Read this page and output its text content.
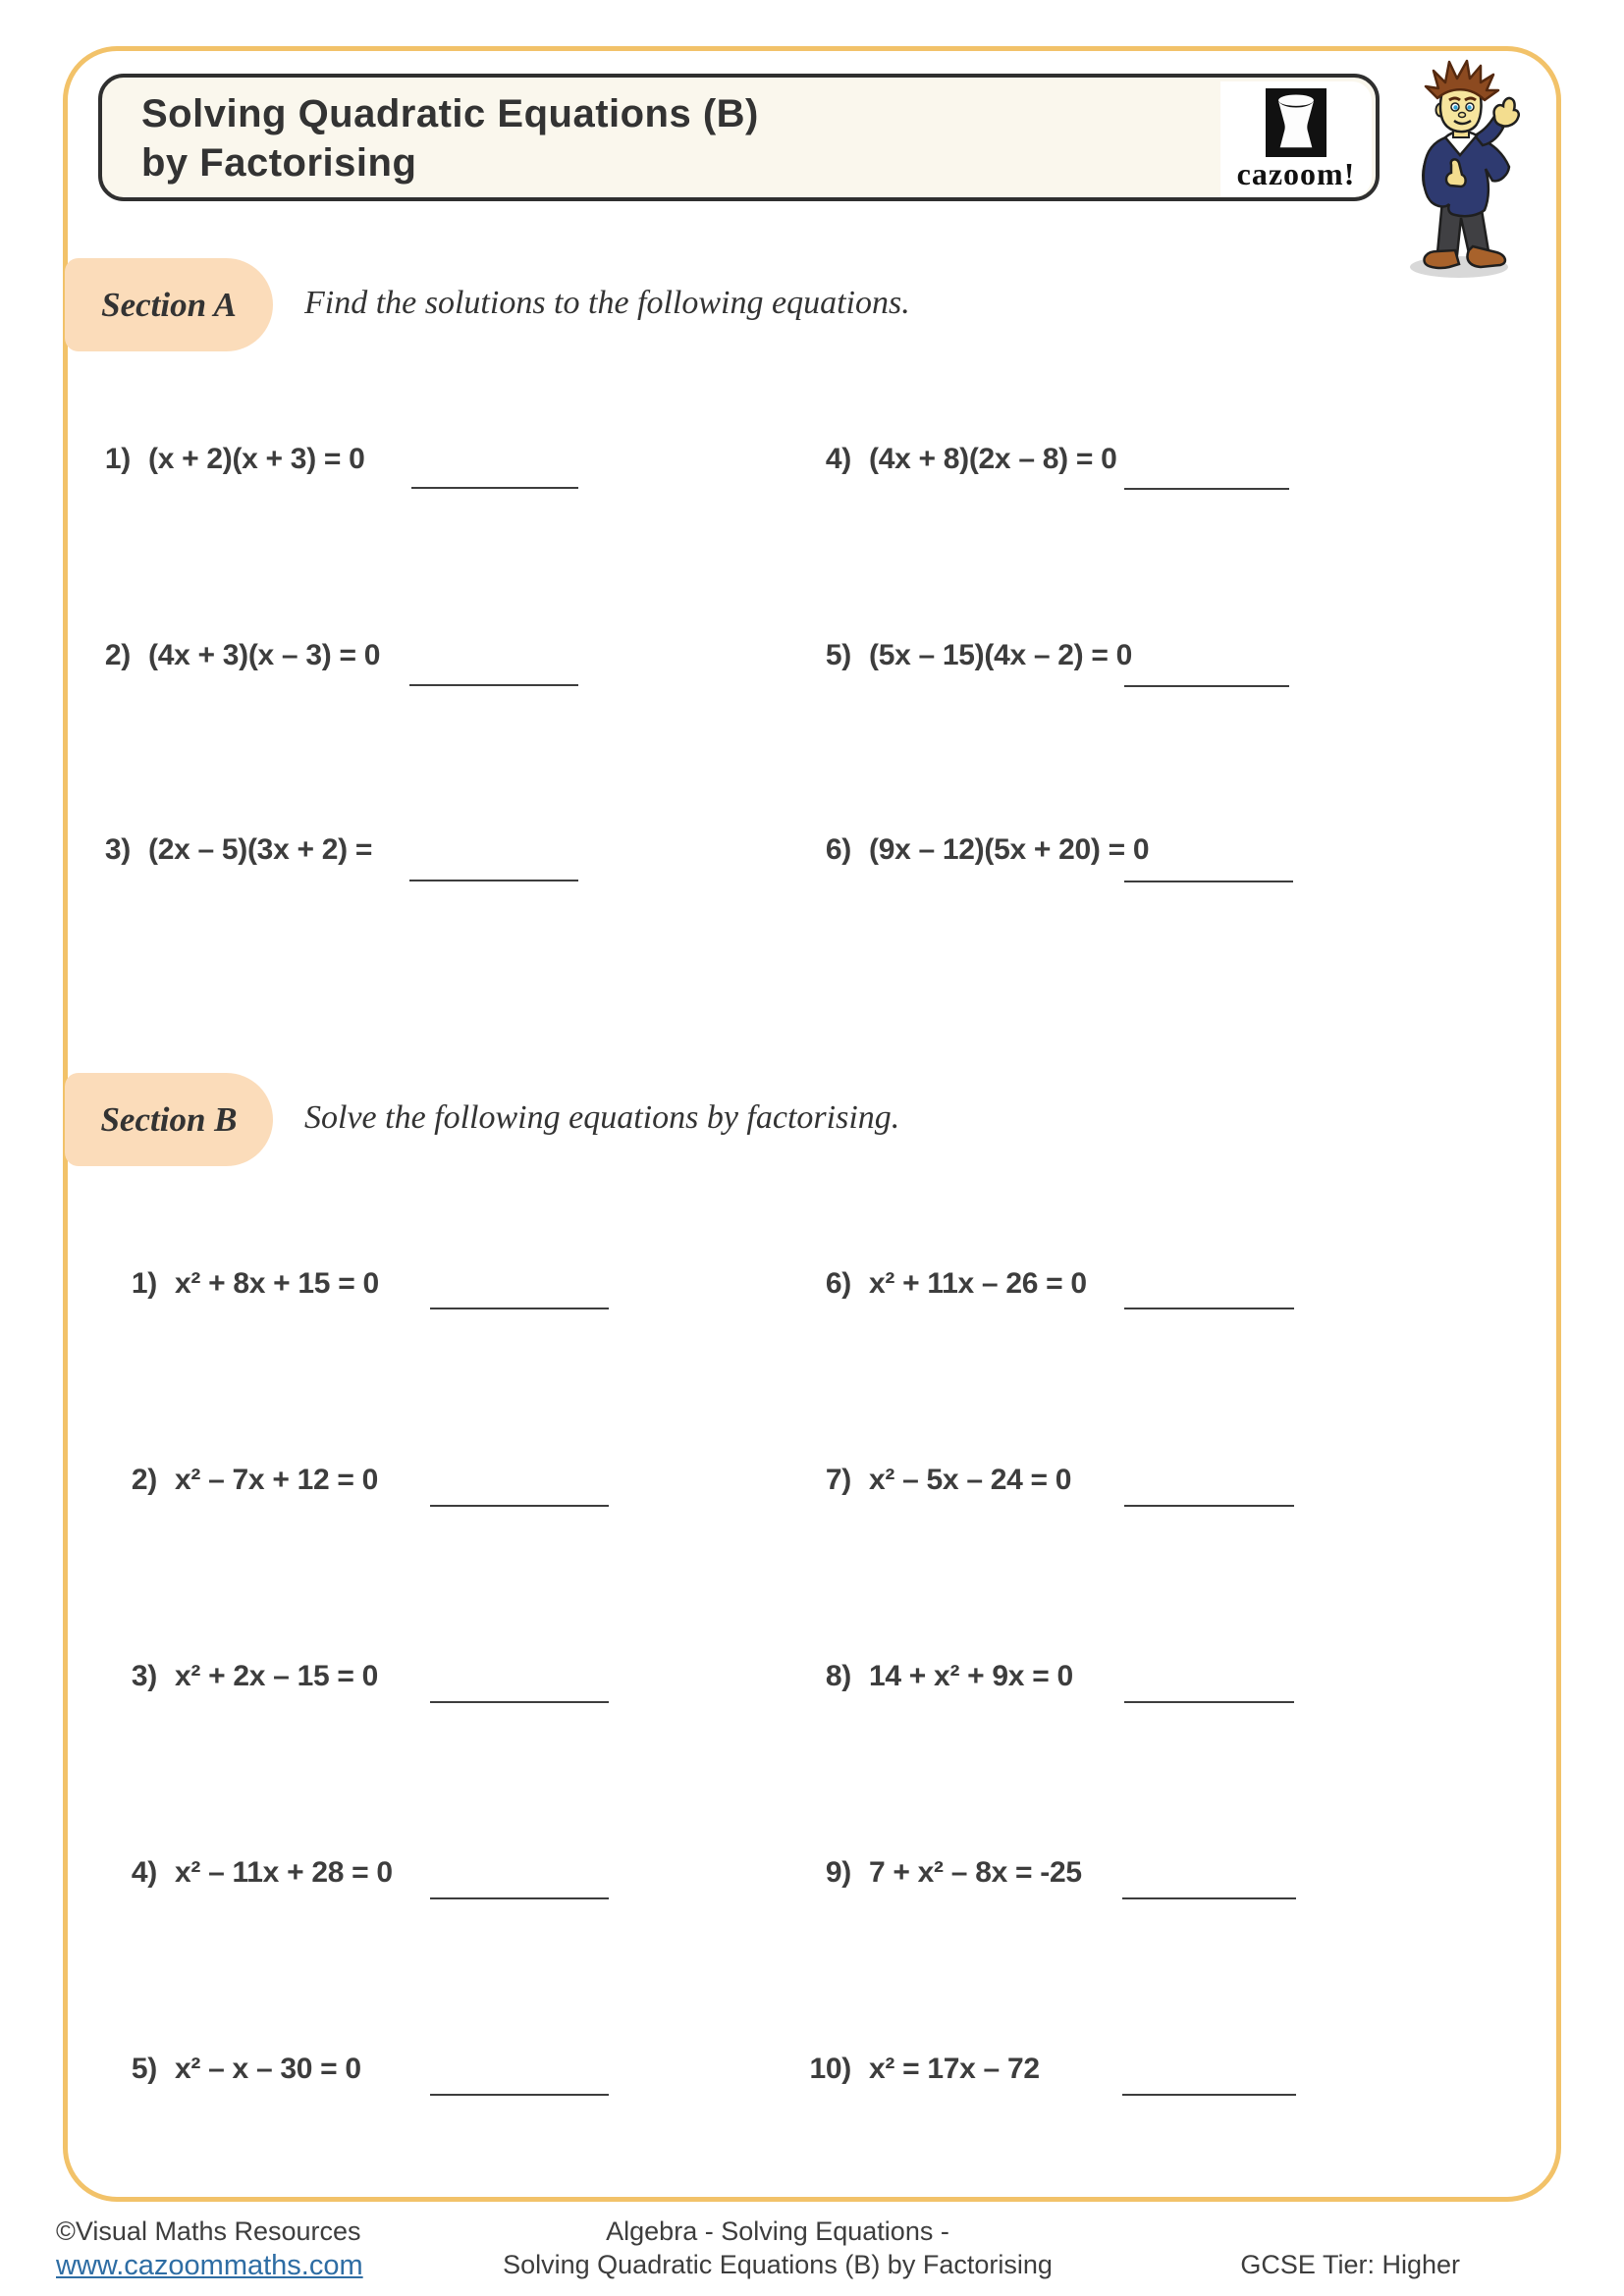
Solving Quadratic Equations (B)
by Factorising	cazoom!
Section A Find the solutions to the following equations.
1) (x + 2)(x + 3) = 0
2) (4x + 3)(x – 3) = 0
3) (2x – 5)(3x + 2) =
4) (4x + 8)(2x – 8) = 0
5) (5x – 15)(4x – 2) = 0
6) (9x – 12)(5x + 20) = 0
Section B Solve the following equations by factorising.
1) x² + 8x + 15 = 0
2) x² – 7x + 12 = 0
3) x² + 2x – 15 = 0
4) x² – 11x + 28 = 0
5) x² – x – 30 = 0
6) x² + 11x – 26 = 0
7) x² – 5x – 24 = 0
8) 14 + x² + 9x = 0
9) 7 + x² – 8x = -25
10) x² = 17x – 72
©Visual Maths Resources
www.cazoommaths.com
Algebra - Solving Equations -
Solving Quadratic Equations (B) by Factorising	GCSE Tier: Higher
